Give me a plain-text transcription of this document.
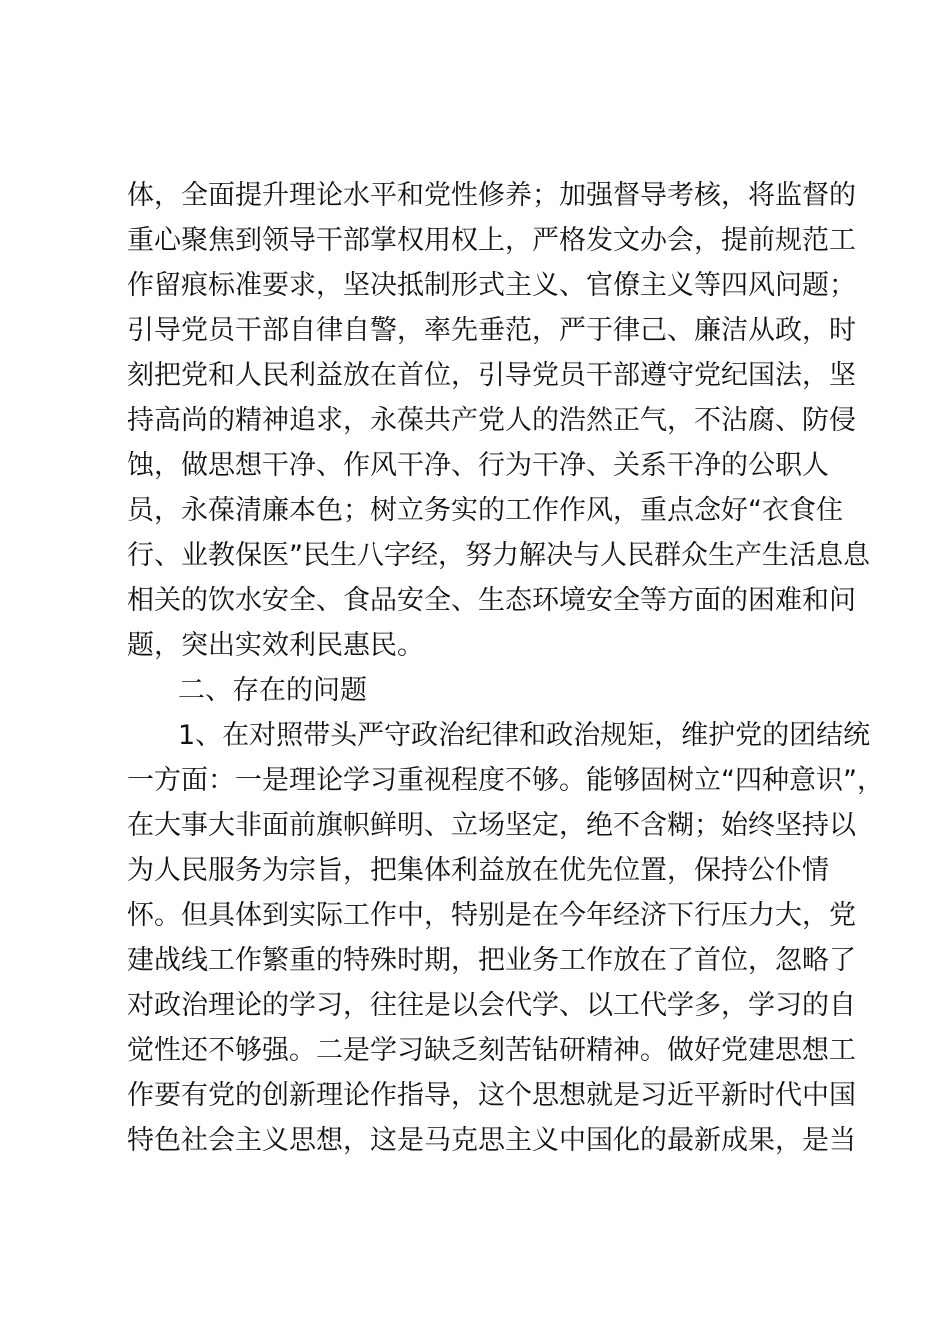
体，全面提升理论水平和党性修养；加强督导考核，将监督的
重心聚焦到领导干部掌权用权上，严格发文办会，提前规范工
作留痕标准要求，坚决抵制形式主义、官僚主义等四风问题；
引导党员干部自律自警，率先垂范，严于律己、廉洁从政，时
刻把党和人民利益放在首位，引导党员干部遵守党纪国法，坚
持高尚的精神追求，永葆共产党人的浩然正气，不沾腐、防侵
蚀，做思想干净、作风干净、行为干净、关系干净的公职人
员，永葆清廉本色；树立务实的工作作风，重点念好“衣食住
行、业教保医”民生八字经，努力解决与人民群众生产生活息息
相关的饮水安全、食品安全、生态环境安全等方面的困难和问
题，突出实效利民惠民。
二、存在的问题
1、在对照带头严守政治纪律和政治规矩，维护党的团结统
一方面：一是理论学习重视程度不够。能够固树立“四种意识”，
在大事大非面前旗帜鲜明、立场坚定，绝不含糊；始终坚持以
为人民服务为宗旨，把集体利益放在优先位置，保持公仆情
怀。但具体到实际工作中，特别是在今年经济下行压力大，党
建战线工作繁重的特殊时期，把业务工作放在了首位，忽略了
对政治理论的学习，往往是以会代学、以工代学多，学习的自
觉性还不够强。二是学习缺乏刻苦钻研精神。做好党建思想工
作要有党的创新理论作指导，这个思想就是习近平新时代中国
特色社会主义思想，这是马克思主义中国化的最新成果，是当
